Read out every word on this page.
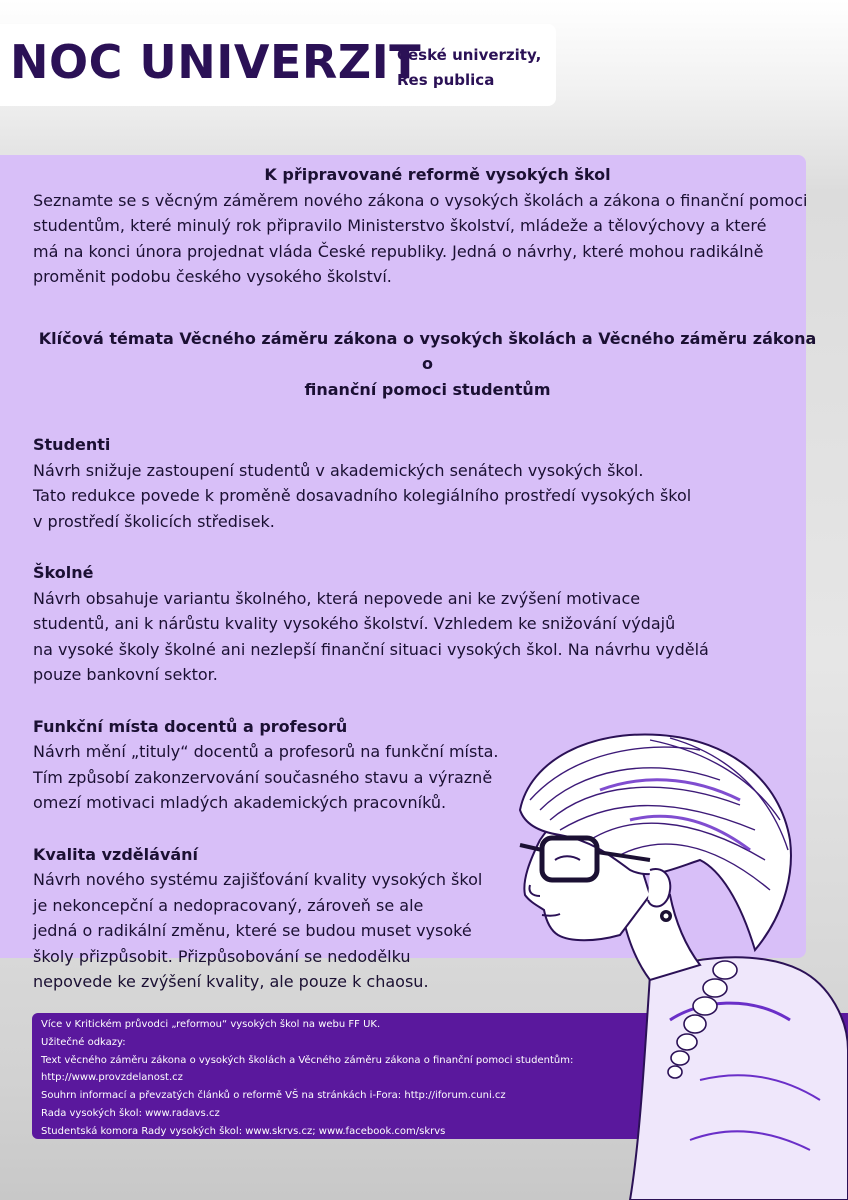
NOC UNIVERZIT
České univerzity,
Res publica

K připravované reformě vysokých škol

Seznamte se s věcným záměrem nového zákona o vysokých školách a zákona o finanční pomoci

studentům, které minulý rok připravilo Ministerstvo školství, mládeže a tělovýchovy a které

má na konci února projednat vláda České republiky. Jedná o návrhy, které mohou radikálně

proměnit podobu českého vysokého školství.

Klíčová témata Věcného záměru zákona o vysokých školách a Věcného záměru zákona o

finanční pomoci studentům

Studenti

Návrh snižuje zastoupení studentů v akademických senátech vysokých škol.

Tato redukce povede k proměně dosavadního kolegiálního prostředí vysokých škol

v prostředí školicích středisek.

Školné

Návrh obsahuje variantu školného, která nepovede ani ke zvýšení motivace

studentů, ani k nárůstu kvality vysokého školství. Vzhledem ke snižování výdajů

na vysoké školy školné ani nezlepší finanční situaci vysokých škol. Na návrhu vydělá

pouze bankovní sektor.

Funkční místa docentů a profesorů

Návrh mění „tituly“ docentů a profesorů na funkční místa.

Tím způsobí zakonzervování současného stavu a výrazně

omezí motivaci mladých akademických pracovníků.

Kvalita vzdělávání

Návrh nového systému zajišťování kvality vysokých škol

je nekoncepční a nedopracovaný, zároveň se ale

jedná o radikální změnu, které se budou muset vysoké

školy přizpůsobit. Přizpůsobování se nedodělku

nepovede ke zvýšení kvality, ale pouze k chaosu.

Více v Kritickém průvodci „reformou“ vysokých škol na webu FF UK.
Užitečné odkazy:
Text věcného záměru zákona o vysokých školách a Věcného záměru zákona o finanční pomoci studentům:
http://www.provzdelanost.cz
Souhrn informací a převzatých článků o reformě VŠ na stránkách i-Fora: http://iforum.cuni.cz
Rada vysokých škol: www.radavs.cz
Studentská komora Rady vysokých škol: www.skrvs.cz; www.facebook.com/skrvs
